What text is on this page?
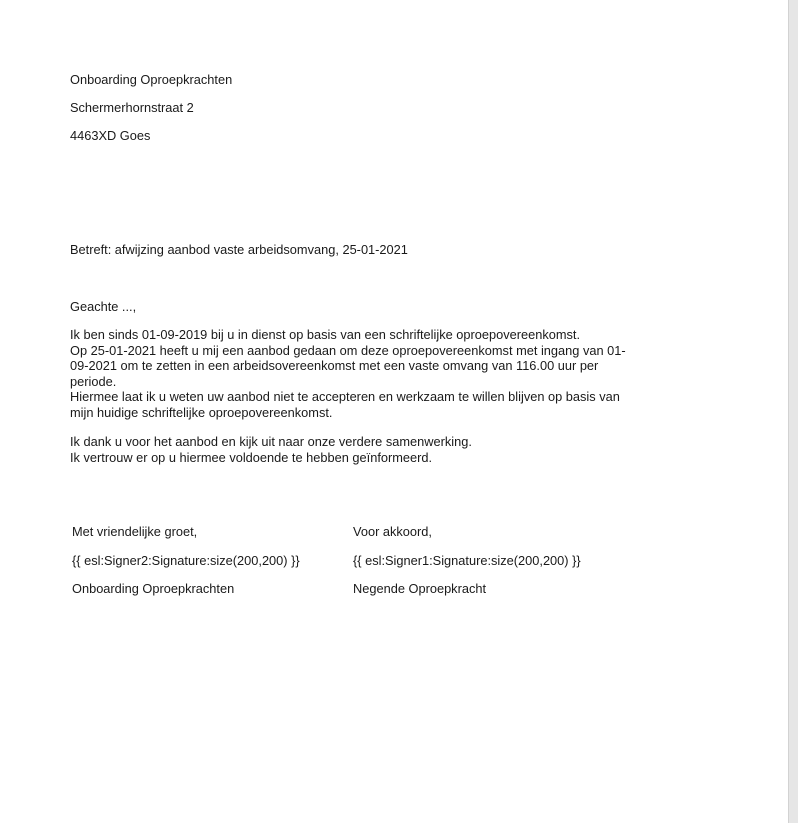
Onboarding Oproepkrachten
Schermerhornstraat 2
4463XD Goes
Betreft: afwijzing aanbod vaste arbeidsomvang, 25-01-2021
Geachte ...,
Ik ben sinds 01-09-2019 bij u in dienst op basis van een schriftelijke oproepovereenkomst.
Op 25-01-2021 heeft u mij een aanbod gedaan om deze oproepovereenkomst met ingang van 01-
09-2021 om te zetten in een arbeidsovereenkomst met een vaste omvang van 116.00 uur per
periode.
Hiermee laat ik u weten uw aanbod niet te accepteren en werkzaam te willen blijven op basis van
mijn huidige schriftelijke oproepovereenkomst.
Ik dank u voor het aanbod en kijk uit naar onze verdere samenwerking.
Ik vertrouw er op u hiermee voldoende te hebben geïnformeerd.
Met vriendelijke groet,
{{ esl:Signer2:Signature:size(200,200) }}
Onboarding Oproepkrachten
Voor akkoord,
{{ esl:Signer1:Signature:size(200,200) }}
Negende Oproepkracht
